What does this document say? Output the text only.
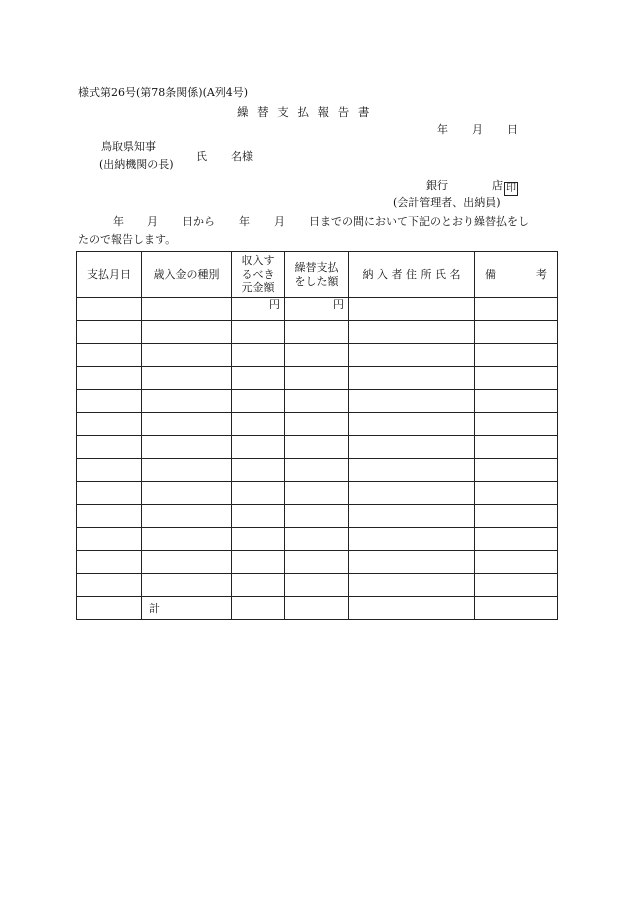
様式第26号(第78条関係)(A列4号)
繰 替 支 払 報 告 書
年 月 日
鳥取県知事
(出納機関の長)
氏 名様
銀行	店 印
(会計管理者、出納員)
年 月 日から 年 月 日までの間において下記のとおり繰替払をし
たので報告します。
支払月日	歳入金の種別	収入す
るべき
元金額	繰替支払
をした額	納 入 者 住 所 氏 名	備 考
		円	円		

	計				
